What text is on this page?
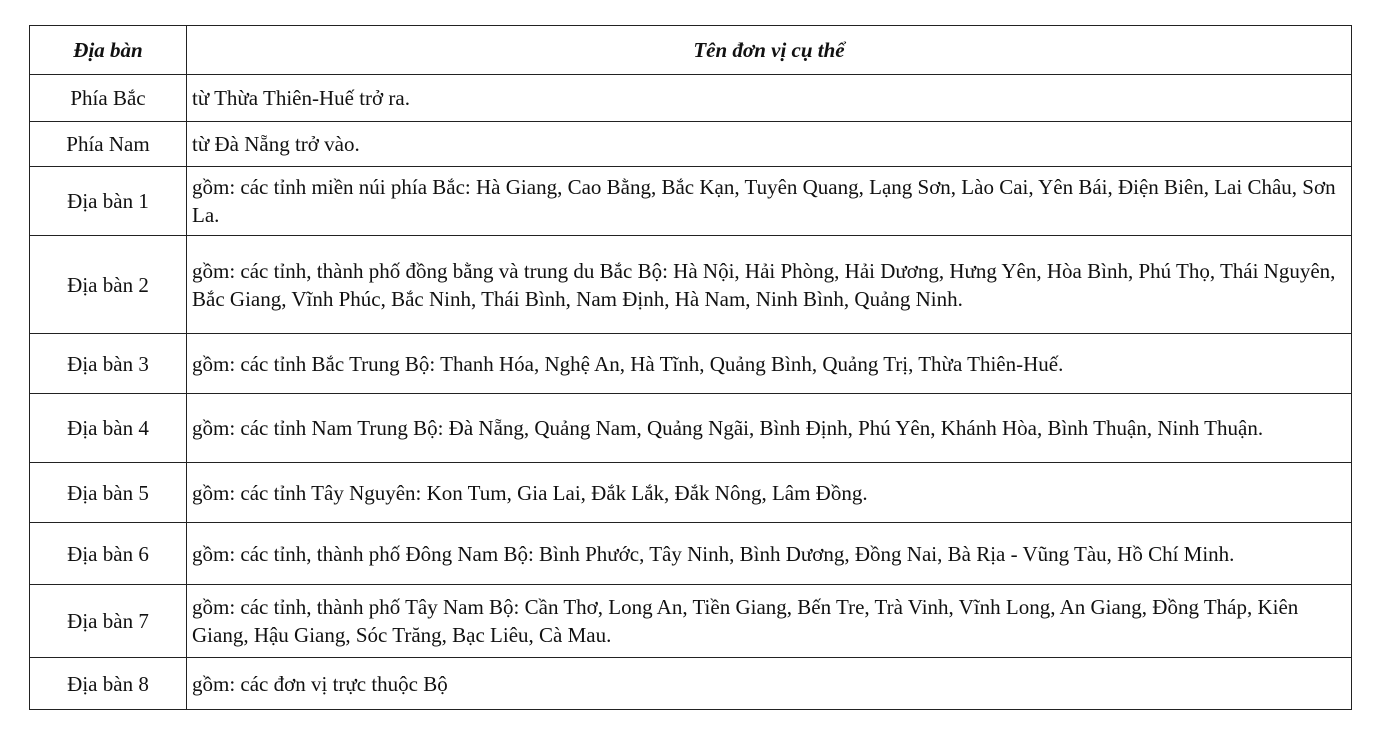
Địa bàn	Tên đơn vị cụ thể
Phía Bắc	từ Thừa Thiên-Huế trở ra.
Phía Nam	từ Đà Nẵng trở vào.
Địa bàn 1	gồm: các tỉnh miền núi phía Bắc: Hà Giang, Cao Bằng, Bắc Kạn, Tuyên Quang, Lạng Sơn, Lào Cai, Yên Bái, Điện Biên, Lai Châu, Sơn La.
Địa bàn 2	gồm: các tỉnh, thành phố đồng bằng và trung du Bắc Bộ: Hà Nội, Hải Phòng, Hải Dương, Hưng Yên, Hòa Bình, Phú Thọ, Thái Nguyên, Bắc Giang, Vĩnh Phúc, Bắc Ninh, Thái Bình, Nam Định, Hà Nam, Ninh Bình, Quảng Ninh.
Địa bàn 3	gồm: các tỉnh Bắc Trung Bộ: Thanh Hóa, Nghệ An, Hà Tĩnh, Quảng Bình, Quảng Trị, Thừa Thiên-Huế.
Địa bàn 4	gồm: các tỉnh Nam Trung Bộ: Đà Nẵng, Quảng Nam, Quảng Ngãi, Bình Định, Phú Yên, Khánh Hòa, Bình Thuận, Ninh Thuận.
Địa bàn 5	gồm: các tỉnh Tây Nguyên: Kon Tum, Gia Lai, Đắk Lắk, Đắk Nông, Lâm Đồng.
Địa bàn 6	gồm: các tỉnh, thành phố Đông Nam Bộ: Bình Phước, Tây Ninh, Bình Dương, Đồng Nai, Bà Rịa - Vũng Tàu, Hồ Chí Minh.
Địa bàn 7	gồm: các tỉnh, thành phố Tây Nam Bộ: Cần Thơ, Long An, Tiền Giang, Bến Tre, Trà Vinh, Vĩnh Long, An Giang, Đồng Tháp, Kiên Giang, Hậu Giang, Sóc Trăng, Bạc Liêu, Cà Mau.
Địa bàn 8	gồm: các đơn vị trực thuộc Bộ
